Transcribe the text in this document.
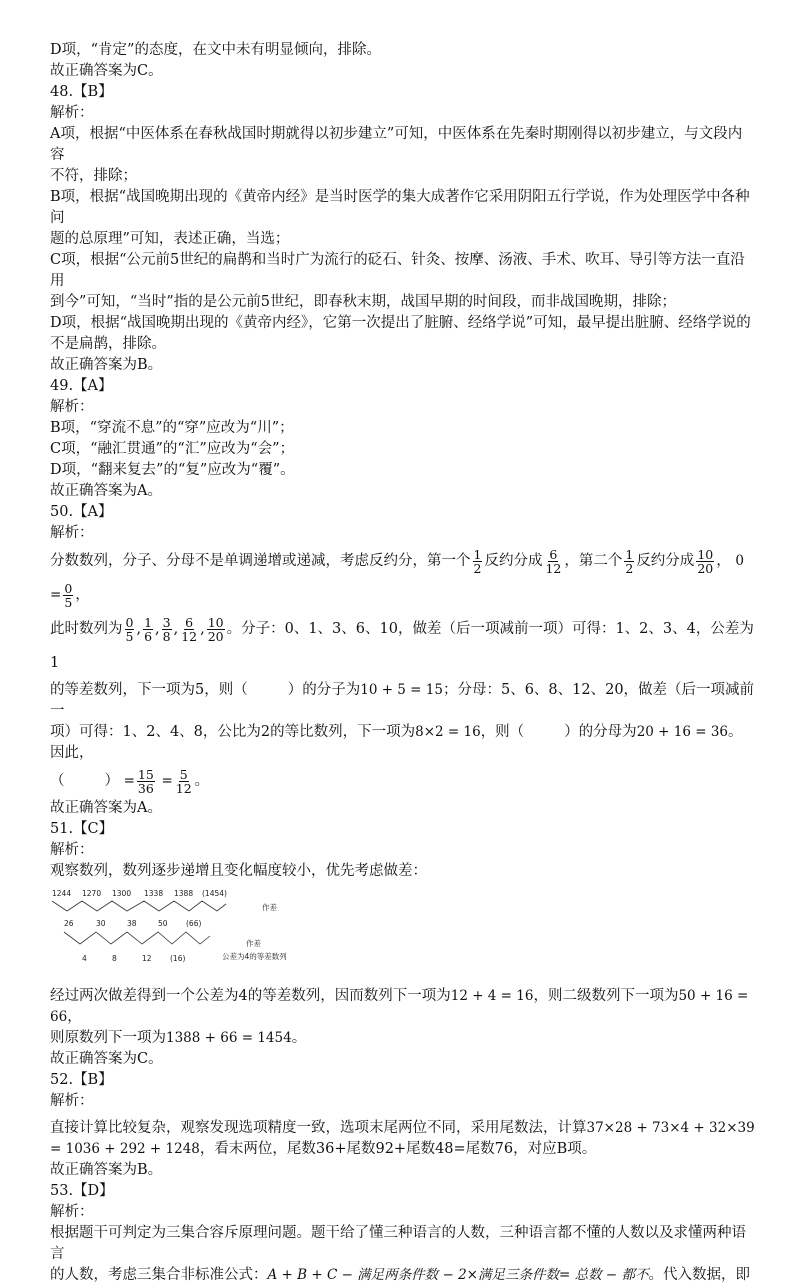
D项，“肯定”的态度，在文中未有明显倾向，排除。

故正确答案为C。

48.【B】

解析：

A项，根据“中医体系在春秋战国时期就得以初步建立”可知，中医体系在先秦时期刚得以初步建立，与文段内容

不符，排除；

B项，根据“战国晚期出现的《黄帝内经》是当时医学的集大成著作它采用阴阳五行学说，作为处理医学中各种问

题的总原理”可知，表述正确，当选；

C项，根据“公元前5世纪的扁鹊和当时广为流行的砭石、针灸、按摩、汤液、手术、吹耳、导引等方法一直沿用

到今”可知，“当时”指的是公元前5世纪，即春秋末期，战国早期的时间段，而非战国晚期，排除；

D项，根据“战国晚期出现的《黄帝内经》，它第一次提出了脏腑、经络学说”可知，最早提出脏腑、经络学说的

不是扁鹊，排除。

故正确答案为B。

49.【A】

解析：

B项，“穿流不息”的“穿”应改为“川”；

C项，“融汇贯通”的“汇”应改为“会”；

D项，“翻来复去”的“复”应改为“覆”。

故正确答案为A。

50.【A】

解析：

分数数列，分子、分母不是单调递增或递减，考虑反约分，第一个 $\frac{1}{2}$ 反约分成 $\frac{6}{12}$ ，第二个 $\frac{1}{2}$ 反约分成 $\frac{10}{20}$ ， $0 = \frac{0}{5}$ ，

此时数列为 $\frac{0}{5}$ , $\frac{1}{6}$ , $\frac{3}{8}$ , $\frac{6}{12}$ , $\frac{10}{20}$ 。分子：0、1、3、6、10，做差（后一项减前一项）可得：1、2、3、4，公差为1

的等差数列，下一项为5，则（	）的分子为10 + 5 = 15；分母：5、6、8、12、20，做差（后一项减前一

项）可得：1、2、4、8，公比为2的等比数列，下一项为8×2 = 16，则（	）的分母为20 + 16 = 36。因此，

（	） = $\frac{15}{36} = \frac{5}{12}$ 。

故正确答案为A。

51.【C】

解析：

观察数列，数列逐步递增且变化幅度较小，优先考虑做差：

1244 1270 1300 1338 1388 (1454)
作差
26	30	38	50 (66)
作差
公差为4的等差数列
4	8	12 (16)

经过两次做差得到一个公差为4的等差数列，因而数列下一项为12 + 4 = 16，则二级数列下一项为50 + 16 = 66，

则原数列下一项为1388 + 66 = 1454。

故正确答案为C。

52.【B】

解析：

直接计算比较复杂，观察发现选项精度一致，选项末尾两位不同，采用尾数法，计算37×28 + 73×4 + 32×39

= 1036 + 292 + 1248，看末两位，尾数36+尾数92+尾数48=尾数76，对应B项。

故正确答案为B。

53.【D】

解析：

根据题干可判定为三集合容斥原理问题。题干给了懂三种语言的人数，三种语言都不懂的人数以及求懂两种语言

的人数，考虑三集合非标准公式：A + B + C − 满足两条件数 − 2×满足三条件数= 总数 − 都不。代入数据，即
